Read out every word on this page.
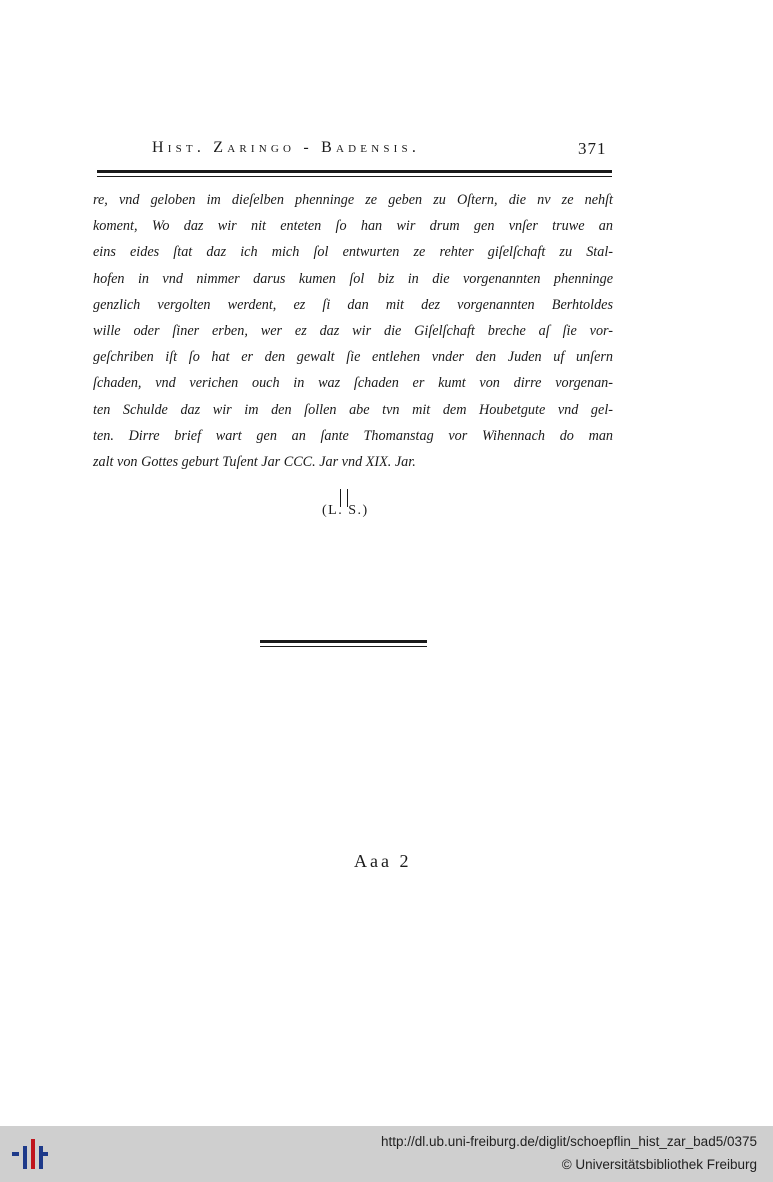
Hist. Zaringo - Badensis.	371
re, vnd geloben im dieſelben phenninge ze geben zu Oſtern, die nv ze nehſt
koment, Wo daz wir nit enteten ſo han wir drum gen vnſer truwe an
eins eides ſtat daz ich mich ſol entwurten ze rehter giſelſchaft zu Stal-
hofen in vnd nimmer darus kumen ſol biz in die vorgenannten phenninge
genzlich vergolten werdent, ez ſi dan mit dez vorgenannten Berhtoldes
wille oder ſiner erben, wer ez daz wir die Giſelſchaft breche aſ ſie vor-
geſchriben iſt ſo hat er den gewalt ſie entlehen vnder den Juden uf unſern
ſchaden, vnd verichen ouch in waz ſchaden er kumt von dirre vorgenan-
ten Schulde daz wir im den ſollen abe tvn mit dem Houbetgute vnd gel-
ten. Dirre brief wart gen an ſante Thomanstag vor Wihennach do man
zalt von Gottes geburt Tuſent Jar CCC. Jar vnd XIX. Jar.
(L. S.)
Aaa 2
http://dl.ub.uni-freiburg.de/diglit/schoepflin_hist_zar_bad5/0375
© Universitätsbibliothek Freiburg
